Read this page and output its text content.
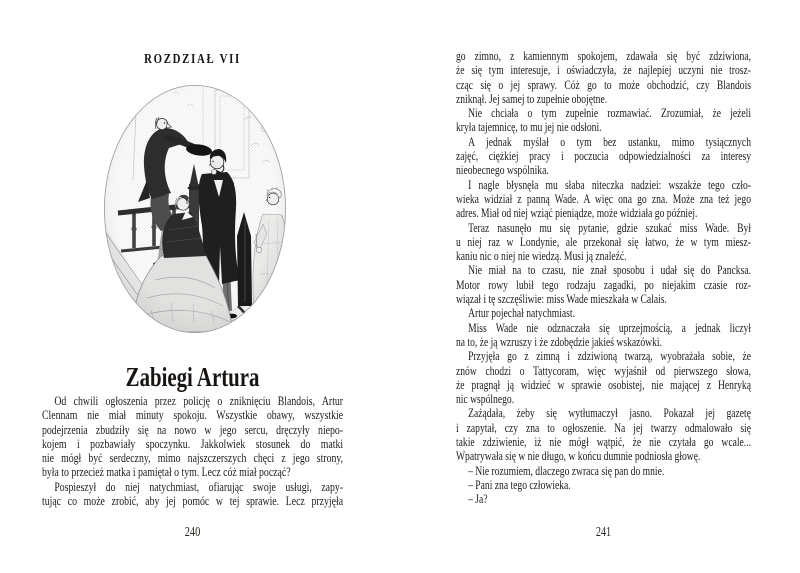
ROZDZIAŁ VII
Zabiegi Artura
Od chwili ogłoszenia przez policję o zniknięciu Blandois, Artur
Clennam nie miał minuty spokoju. Wszystkie obawy, wszystkie
podejrzenia zbudziły się na nowo w jego sercu, dręczyły niepo-
kojem i pozbawiały spoczynku. Jakkolwiek stosunek do matki
nie mógł być serdeczny, mimo najszczerszych chęci z jego strony,
była to przecież matka i pamiętał o tym. Lecz cóż miał począć?
Pospieszył do niej natychmiast, ofiarując swoje usługi, zapy-
tując co może zrobić, aby jej pomóc w tej sprawie. Lecz przyjęła
240
go zimno, z kamiennym spokojem, zdawała się być zdziwiona,
że się tym interesuje, i oświadczyła, że najlepiej uczyni nie trosz-
cząc się o jej sprawy. Cóż go to może obchodzić, czy Blandois
zniknął. Jej samej to zupełnie obojętne.
Nie chciała o tym zupełnie rozmawiać. Zrozumiał, że jeżeli
kryła tajemnicę, to mu jej nie odsłoni.
A jednak myślał o tym bez ustanku, mimo tysiącznych
zajęć, ciężkiej pracy i poczucia odpowiedzialności za interesy
nieobecnego wspólnika.
I nagle błysnęła mu słaba niteczka nadziei: wszakże tego czło-
wieka widział z panną Wade. A więc ona go zna. Może zna też jego
adres. Miał od niej wziąć pieniądze, może widziała go później.
Teraz nasunęło mu się pytanie, gdzie szukać miss Wade. Był
u niej raz w Londynie, ale przekonał się łatwo, że w tym miesz-
kaniu nic o niej nie wiedzą. Musi ją znaleźć.
Nie miał na to czasu, nie znał sposobu i udał się do Pancksa.
Motor rowy lubił tego rodzaju zagadki, po niejakim czasie roz-
wiązał i tę szczęśliwie: miss Wade mieszkała w Calais.
Artur pojechał natychmiast.
Miss Wade nie odznaczała się uprzejmością, a jednak liczył
na to, że ją wzruszy i że zdobędzie jakieś wskazówki.
Przyjęła go z zimną i zdziwioną twarzą, wyobrażała sobie, że
znów chodzi o Tattycoram, więc wyjaśnił od pierwszego słowa,
że pragnął ją widzieć w sprawie osobistej, nie mającej z Henryką
nic wspólnego.
Zażądała, żeby się wytłumaczył jasno. Pokazał jej gazetę
i zapytał, czy zna to ogłoszenie. Na jej twarzy odmalowało się
takie zdziwienie, iż nie mógł wątpić, że nie czytała go wcale...
Wpatrywała się w nie długo, w końcu dumnie podniosła głowę.
– Nie rozumiem, dlaczego zwraca się pan do mnie.
– Pani zna tego człowieka.
– Ja?
241
